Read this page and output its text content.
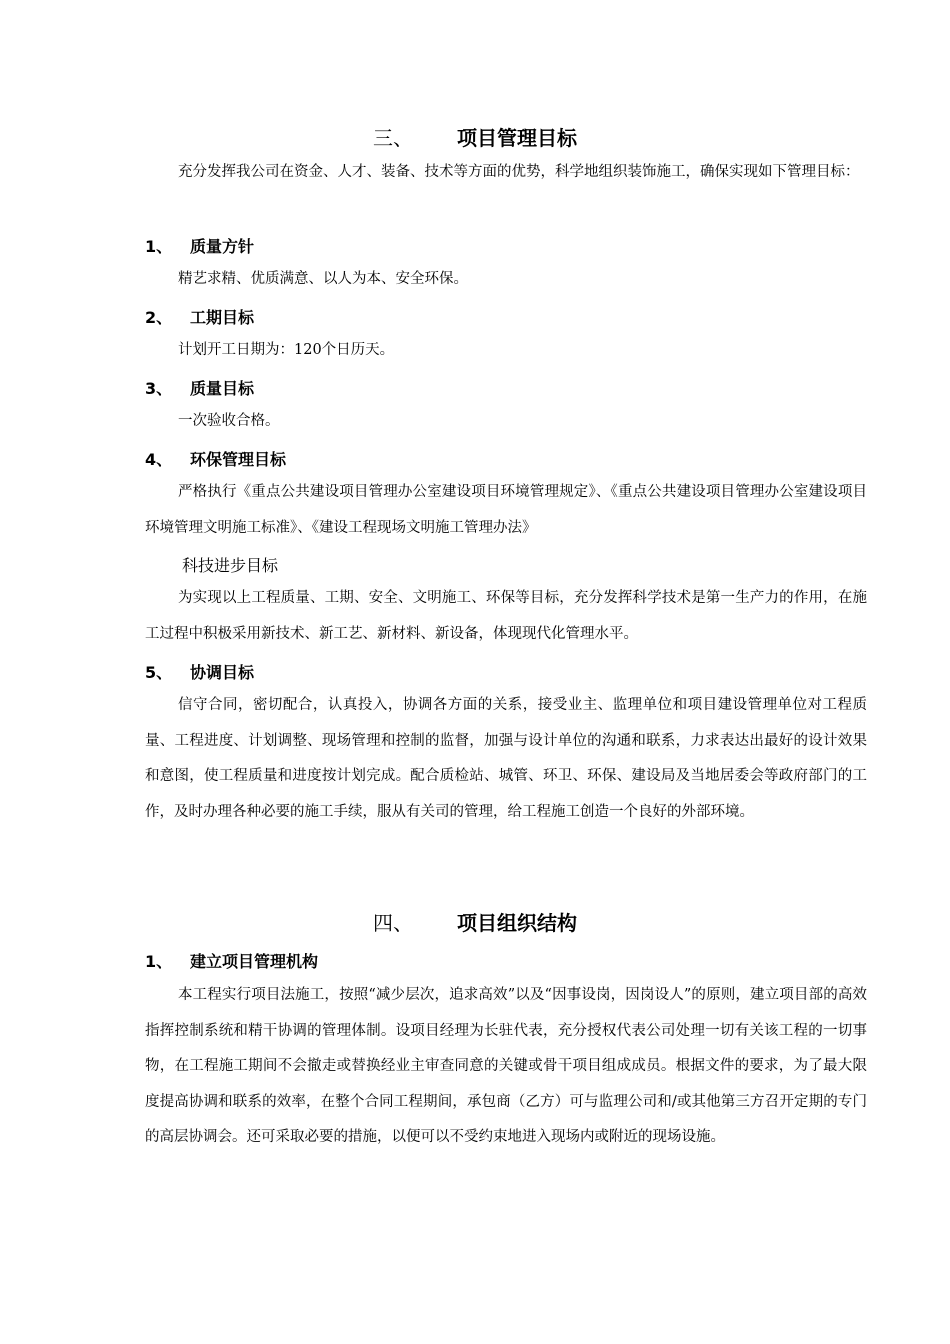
三、 项目管理目标

充分发挥我公司在资金、人才、装备、技术等方面的优势，科学地组织装饰施工，确保实现如下管理目标：

1、 质量方针

精艺求精、优质满意、以人为本、安全环保。

2、 工期目标

计划开工日期为：120个日历天。

3、 质量目标

一次验收合格。

4、 环保管理目标

严格执行《重点公共建设项目管理办公室建设项目环境管理规定》、《重点公共建设项目管理办公室建设项目环境管理文明施工标准》、《建设工程现场文明施工管理办法》

科技进步目标

为实现以上工程质量、工期、安全、文明施工、环保等目标，充分发挥科学技术是第一生产力的作用，在施工过程中积极采用新技术、新工艺、新材料、新设备，体现现代化管理水平。

5、 协调目标

信守合同，密切配合，认真投入，协调各方面的关系，接受业主、监理单位和项目建设管理单位对工程质量、工程进度、计划调整、现场管理和控制的监督，加强与设计单位的沟通和联系，力求表达出最好的设计效果和意图，使工程质量和进度按计划完成。配合质检站、城管、环卫、环保、建设局及当地居委会等政府部门的工作，及时办理各种必要的施工手续，服从有关司的管理，给工程施工创造一个良好的外部环境。

四、 项目组织结构
1、 建立项目管理机构

本工程实行项目法施工，按照“减少层次，追求高效”以及“因事设岗，因岗设人”的原则，建立项目部的高效指挥控制系统和精干协调的管理体制。设项目经理为长驻代表，充分授权代表公司处理一切有关该工程的一切事物，在工程施工期间不会撤走或替换经业主审查同意的关键或骨干项目组成成员。根据文件的要求，为了最大限度提高协调和联系的效率，在整个合同工程期间，承包商（乙方）可与监理公司和/或其他第三方召开定期的专门的高层协调会。还可采取必要的措施，以便可以不受约束地进入现场内或附近的现场设施。
